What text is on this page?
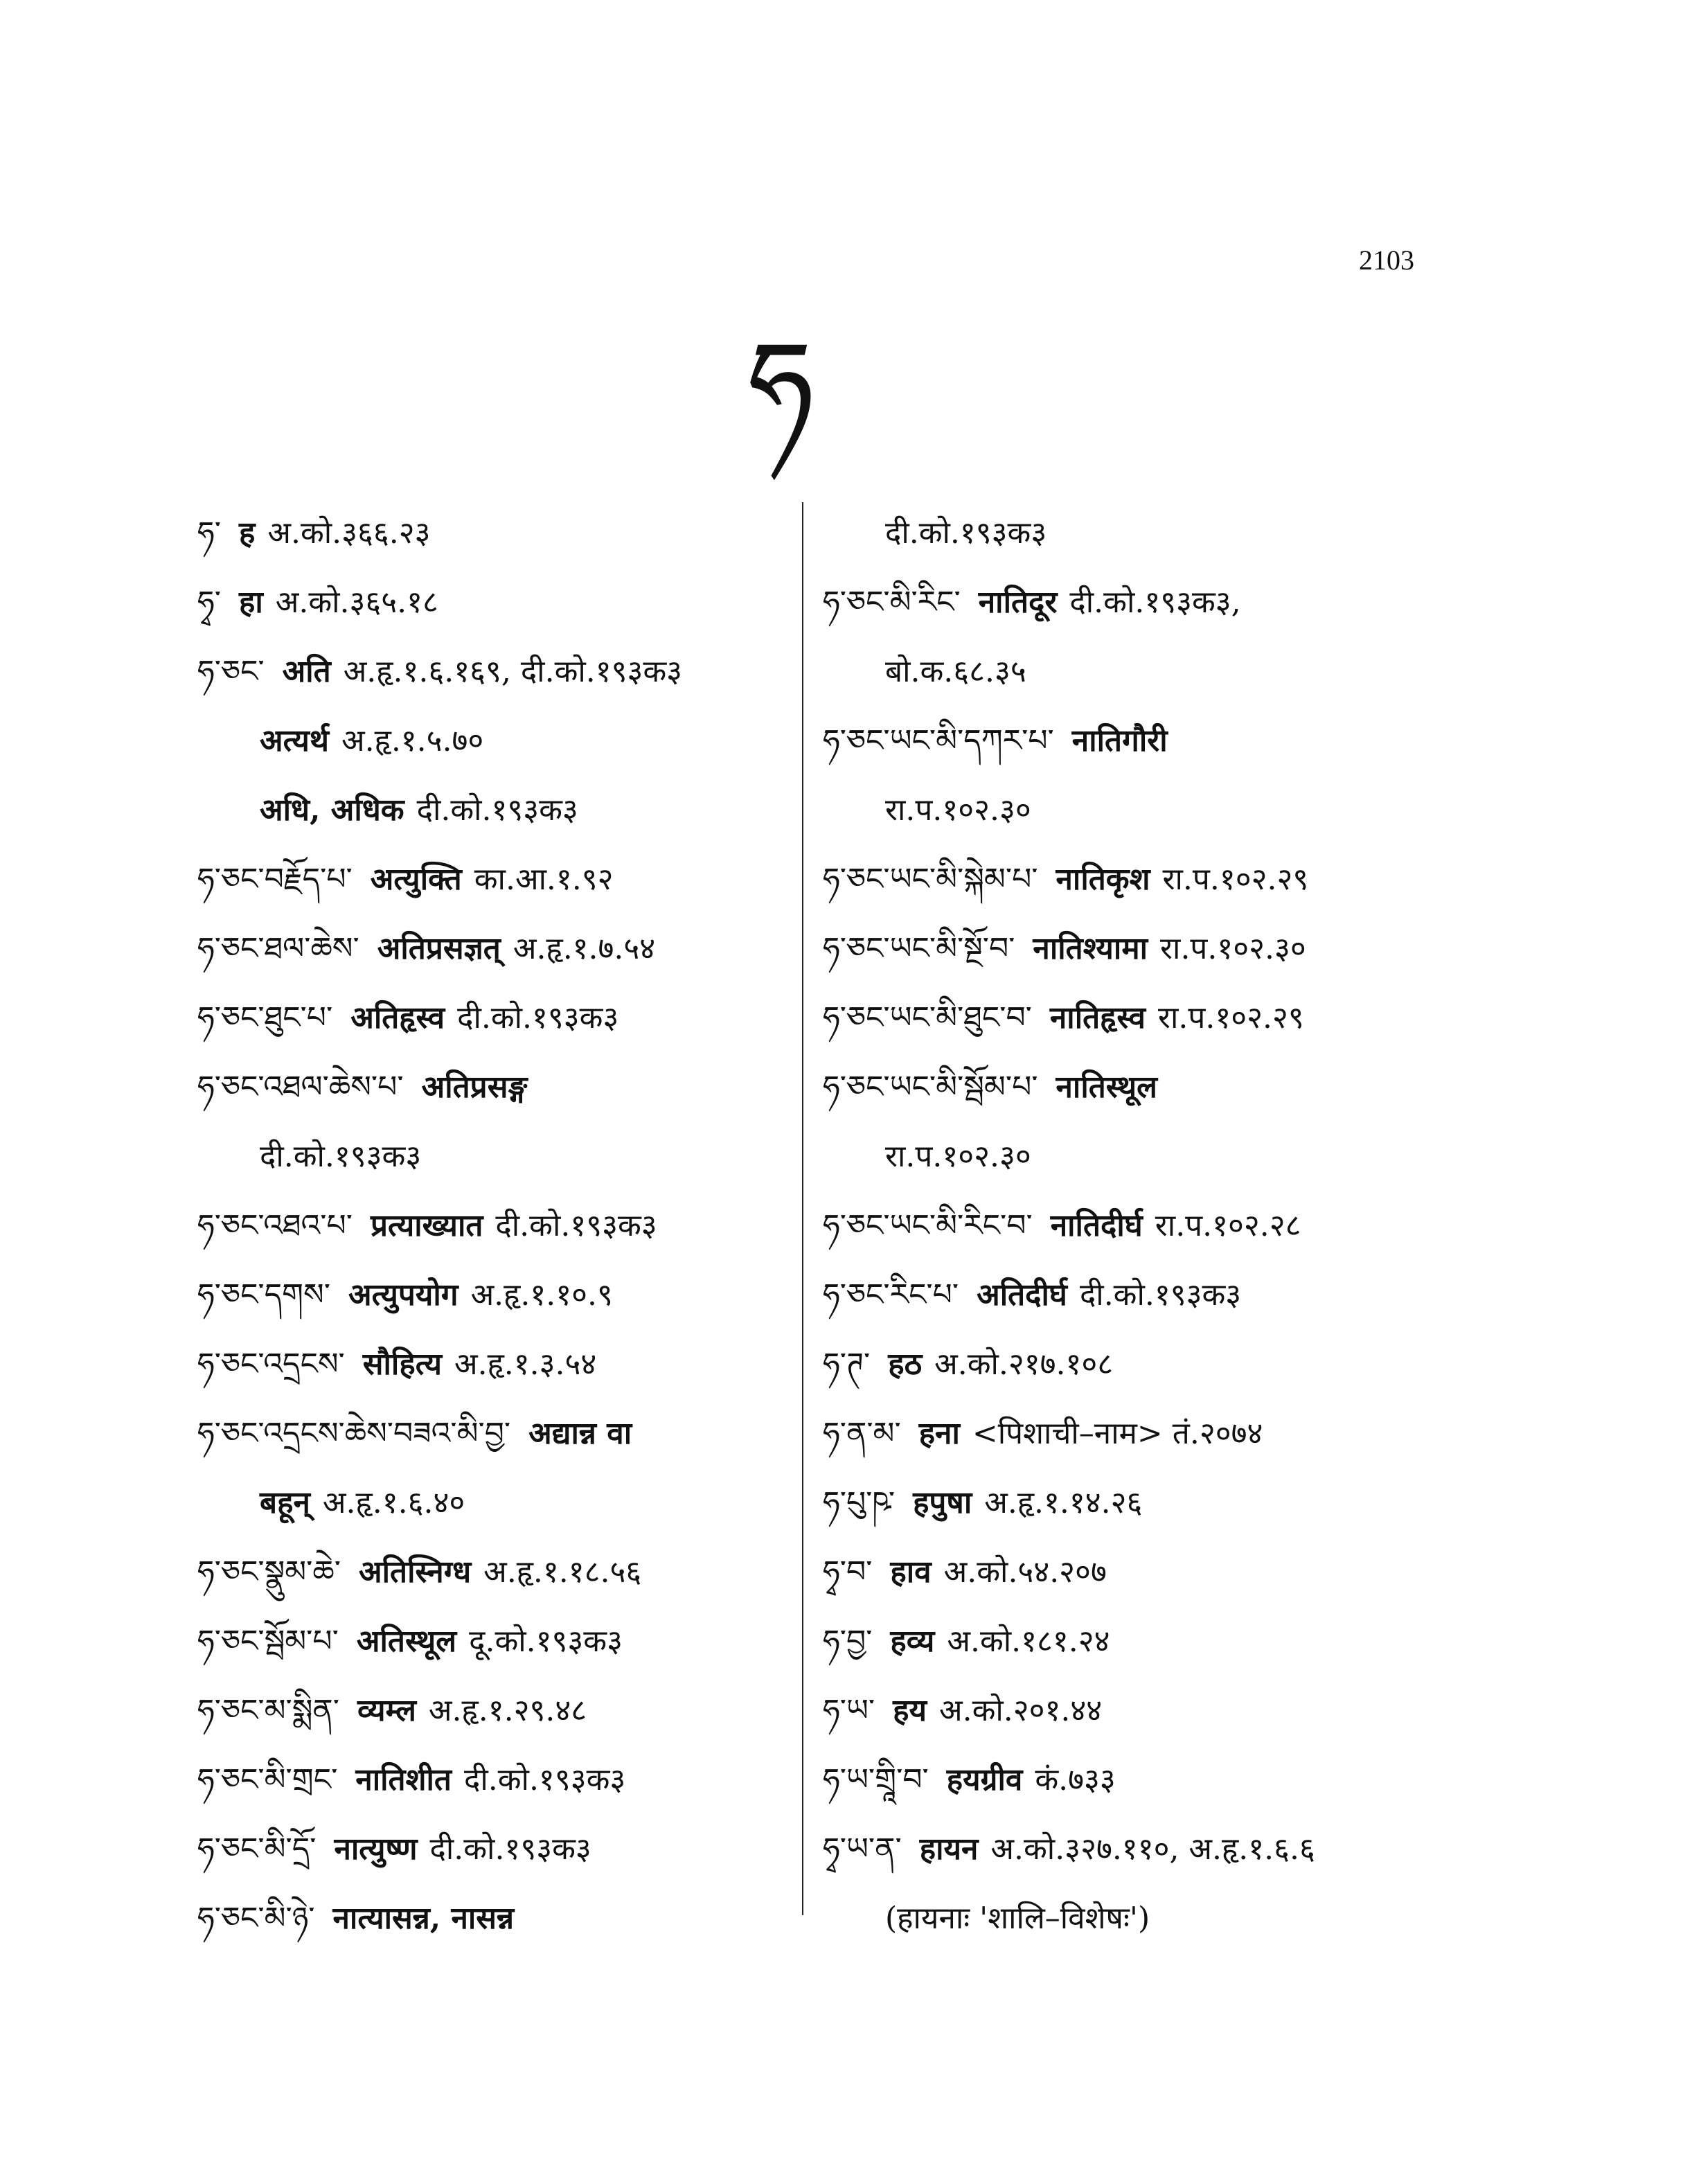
2103
ཧ
ཧ་ ह अ.को.३६६.२३
ཧྭ་ हा अ.को.३६५.१८
ཧ་ཅང་ अति अ.हृ.१.६.१६९, दी.को.१९३क३
अत्यर्थ अ.हृ.१.५.७०
अधि, अधिक दी.को.१९३क३
ཧ་ཅང་བརྗོད་པ་ अत्युक्ति का.आ.१.९२
ཧ་ཅང་ཐལ་ཆེས་ अतिप्रसज्ञत् अ.हृ.१.७.५४
ཧ་ཅང་ཐུང་པ་ अतिहृस्व दी.को.१९३क३
ཧ་ཅང་འཐལ་ཆེས་པ་ अतिप्रसङ्ग
दी.को.१९३क३
ཧ་ཅང་འཐའ་པ་ प्रत्याख्यात दी.को.१९३क३
ཧ་ཅང་དགས་ अत्युपयोग अ.हृ.१.१०.९
ཧ་ཅང་འདྲངས་ सौहित्य अ.हृ.१.३.५४
ཧ་ཅང་འདྲངས་ཆེས་བཟའ་མི་བྱ་ अद्यान्न वा
बहून् अ.हृ.१.६.४०
ཧ་ཅང་སྣུམ་ཆེ་ अतिस्निग्ध अ.हृ.१.१८.५६
ཧ་ཅང་སྦོམ་པ་ अतिस्थूल दू.को.१९३क३
ཧ་ཅང་མ་སྨིན་ व्यम्ल अ.हृ.१.२९.४८
ཧ་ཅང་མི་གྲང་ नातिशीत दी.को.१९३क३
ཧ་ཅང་མི་དྲོ་ नात्युष्ण दी.को.१९३क३
ཧ་ཅང་མི་ཉེ་ नात्यासन्न, नासन्न
दी.को.१९३क३
ཧ་ཅང་མི་རིང་ नातिदूर दी.को.१९३क३,
बो.क.६८.३५
ཧ་ཅང་ཡང་མི་དཀར་པ་ नातिगौरी
रा.प.१०२.३०
ཧ་ཅང་ཡང་མི་སྐེམ་པ་ नातिकृश रा.प.१०२.२९
ཧ་ཅང་ཡང་མི་སྔོ་བ་ नातिश्यामा रा.प.१०२.३०
ཧ་ཅང་ཡང་མི་ཐུང་བ་ नातिहृस्व रा.प.१०२.२९
ཧ་ཅང་ཡང་མི་སྦོམ་པ་ नातिस्थूल
रा.प.१०२.३०
ཧ་ཅང་ཡང་མི་རིང་བ་ नातिदीर्घ रा.प.१०२.२८
ཧ་ཅང་རིང་པ་ अतिदीर्घ दी.को.१९३क३
ཧ་ཊ་ हठ अ.को.२१७.१०८
ཧ་ན་མ་ हना <पिशाची–नाम> तं.२०७४
ཧ་པུ་ཥ་ हपुषा अ.हृ.१.१४.२६
ཧྭ་བ་ हाव अ.को.५४.२०७
ཧ་བྱ་ हव्य अ.को.१८१.२४
ཧ་ཡ་ हय अ.को.२०१.४४
ཧ་ཡ་གྲཱི་བ་ हयग्रीव कं.७३३
ཧྭ་ཡ་ན་ हायन अ.को.३२७.११०, अ.हृ.१.६.६
(हायनाः 'शालि–विशेषः')
